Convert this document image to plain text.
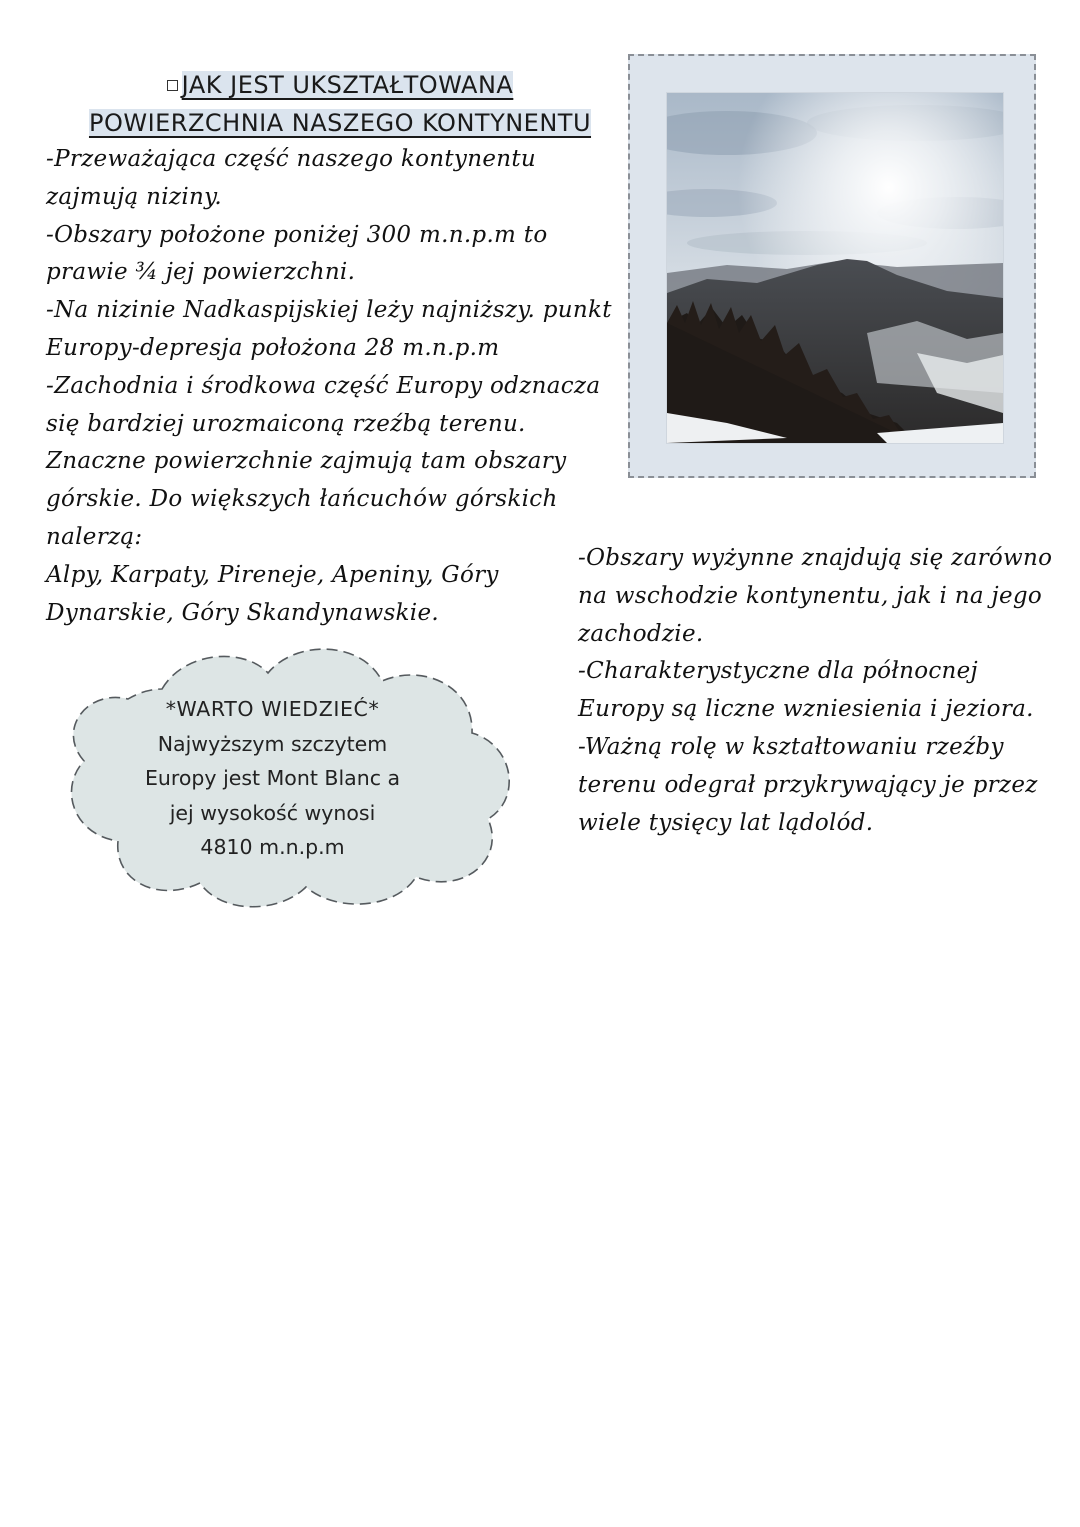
JAK JEST UKSZTAŁTOWANA
POWIERZCHNIA NASZEGO KONTYNENTU

-Przeważająca część naszego kontynentu zajmują niziny.

-Obszary położone poniżej 300 m.n.p.m to prawie ¾ jej powierzchni.

-Na nizinie Nadkaspijskiej leży najniższy. punkt Europy-depresja położona 28 m.n.p.m

-Zachodnia i środkowa część Europy odznacza się bardziej urozmaiconą rzeźbą terenu. Znaczne powierzchnie zajmują tam obszary górskie. Do większych łańcuchów górskich nalerzą:

Alpy, Karpaty, Pireneje, Apeniny, Góry Dynarskie, Góry Skandynawskie.

*WARTO WIEDZIEĆ*
Najwyższym szczytem
Europy jest Mont Blanc a
jej wysokość wynosi
4810 m.n.p.m

-Obszary wyżynne znajdują się zarówno na wschodzie kontynentu, jak i na jego zachodzie.

-Charakterystyczne dla północnej Europy są liczne wzniesienia i jeziora.

-Ważną rolę w kształtowaniu rzeźby terenu odegrał przykrywający je przez wiele tysięcy lat lądolód.
